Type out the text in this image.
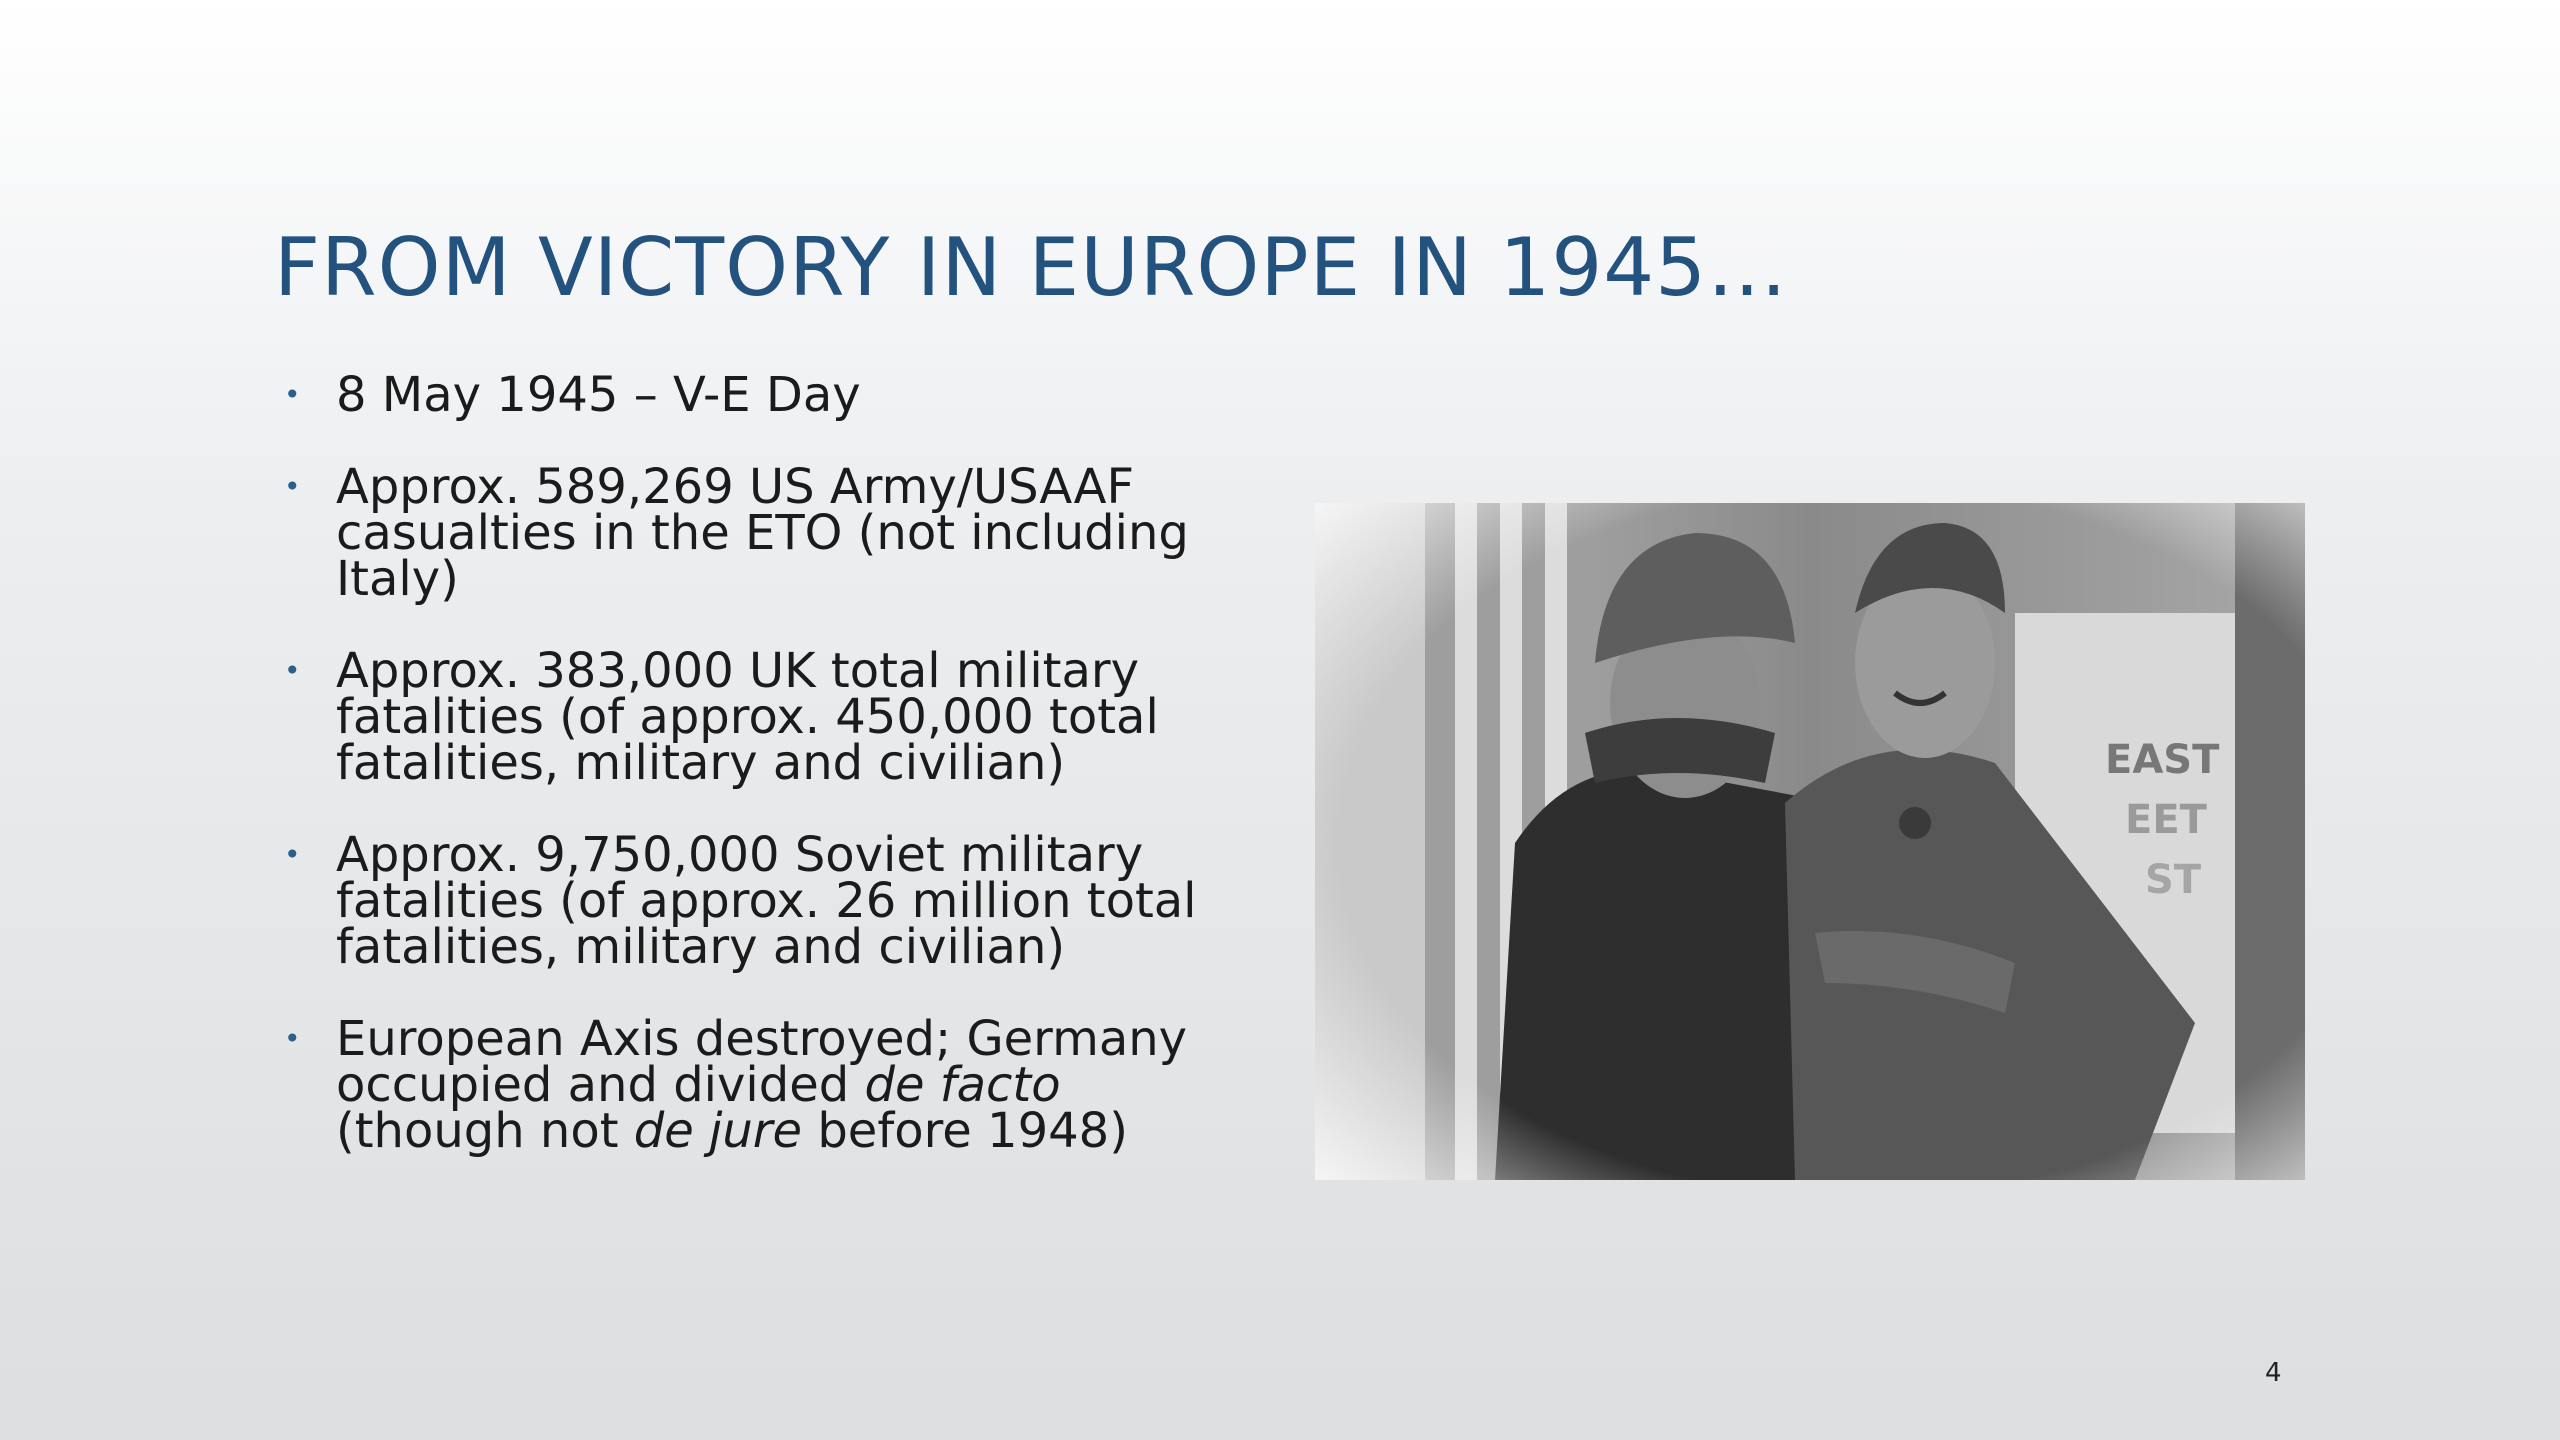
FROM VICTORY IN EUROPE IN 1945…
• 8 May 1945 – V-E Day
• Approx. 589,269 US Army/USAAF casualties in the ETO (not including Italy)
• Approx. 383,000 UK total military fatalities (of approx. 450,000 total fatalities, military and civilian)
• Approx. 9,750,000 Soviet military fatalities (of approx. 26 million total fatalities, military and civilian)
• European Axis destroyed; Germany occupied and divided de facto (though not de jure before 1948)
4
